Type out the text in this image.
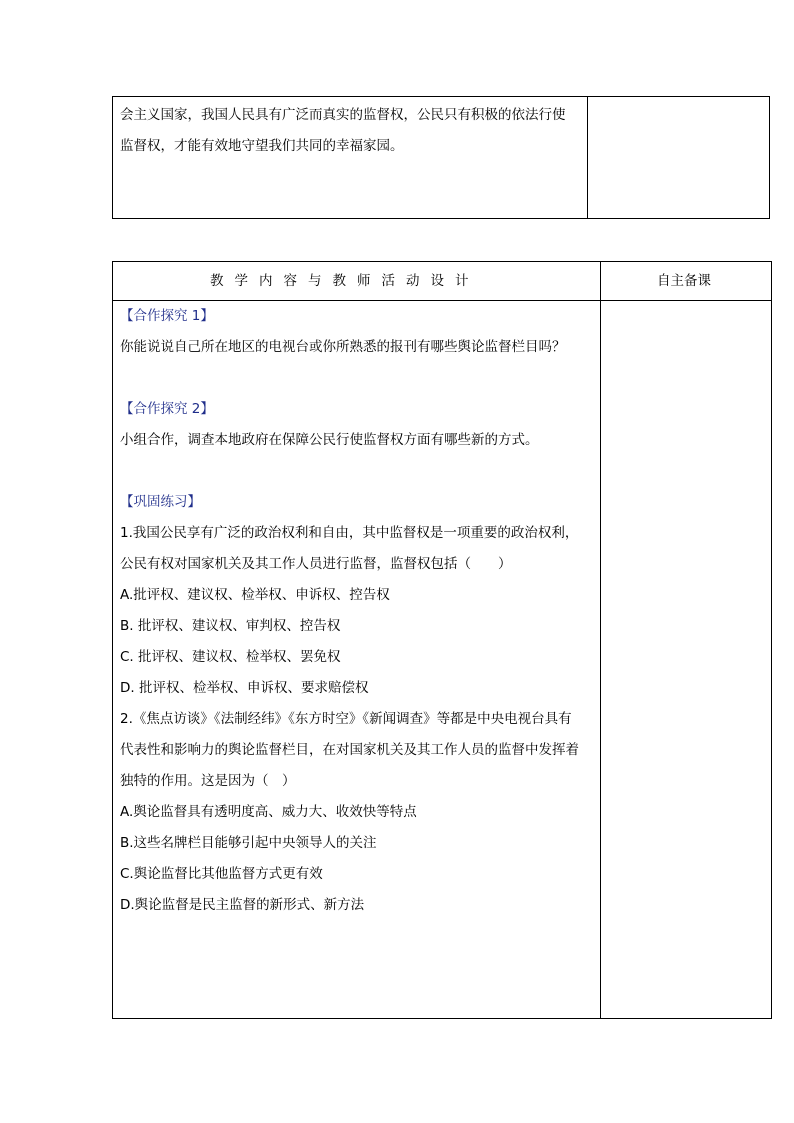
会主义国家，我国人民具有广泛而真实的监督权，公民只有积极的依法行使
监督权，才能有效地守望我们共同的幸福家园。
教学内容与教师活动设计	自主备课
【合作探究 1】
你能说说自己所在地区的电视台或你所熟悉的报刊有哪些舆论监督栏目吗？
【合作探究 2】
小组合作，调查本地政府在保障公民行使监督权方面有哪些新的方式。
【巩固练习】
1.我国公民享有广泛的政治权利和自由，其中监督权是一项重要的政治权利，
公民有权对国家机关及其工作人员进行监督，监督权包括（　　）
A.批评权、建议权、检举权、申诉权、控告权
B. 批评权、建议权、审判权、控告权
C. 批评权、建议权、检举权、罢免权
D. 批评权、检举权、申诉权、要求赔偿权
2.《焦点访谈》《法制经纬》《东方时空》《新闻调查》等都是中央电视台具有
代表性和影响力的舆论监督栏目，在对国家机关及其工作人员的监督中发挥着
独特的作用。这是因为（　）
A.舆论监督具有透明度高、威力大、收效快等特点
B.这些名牌栏目能够引起中央领导人的关注
C.舆论监督比其他监督方式更有效
D.舆论监督是民主监督的新形式、新方法
